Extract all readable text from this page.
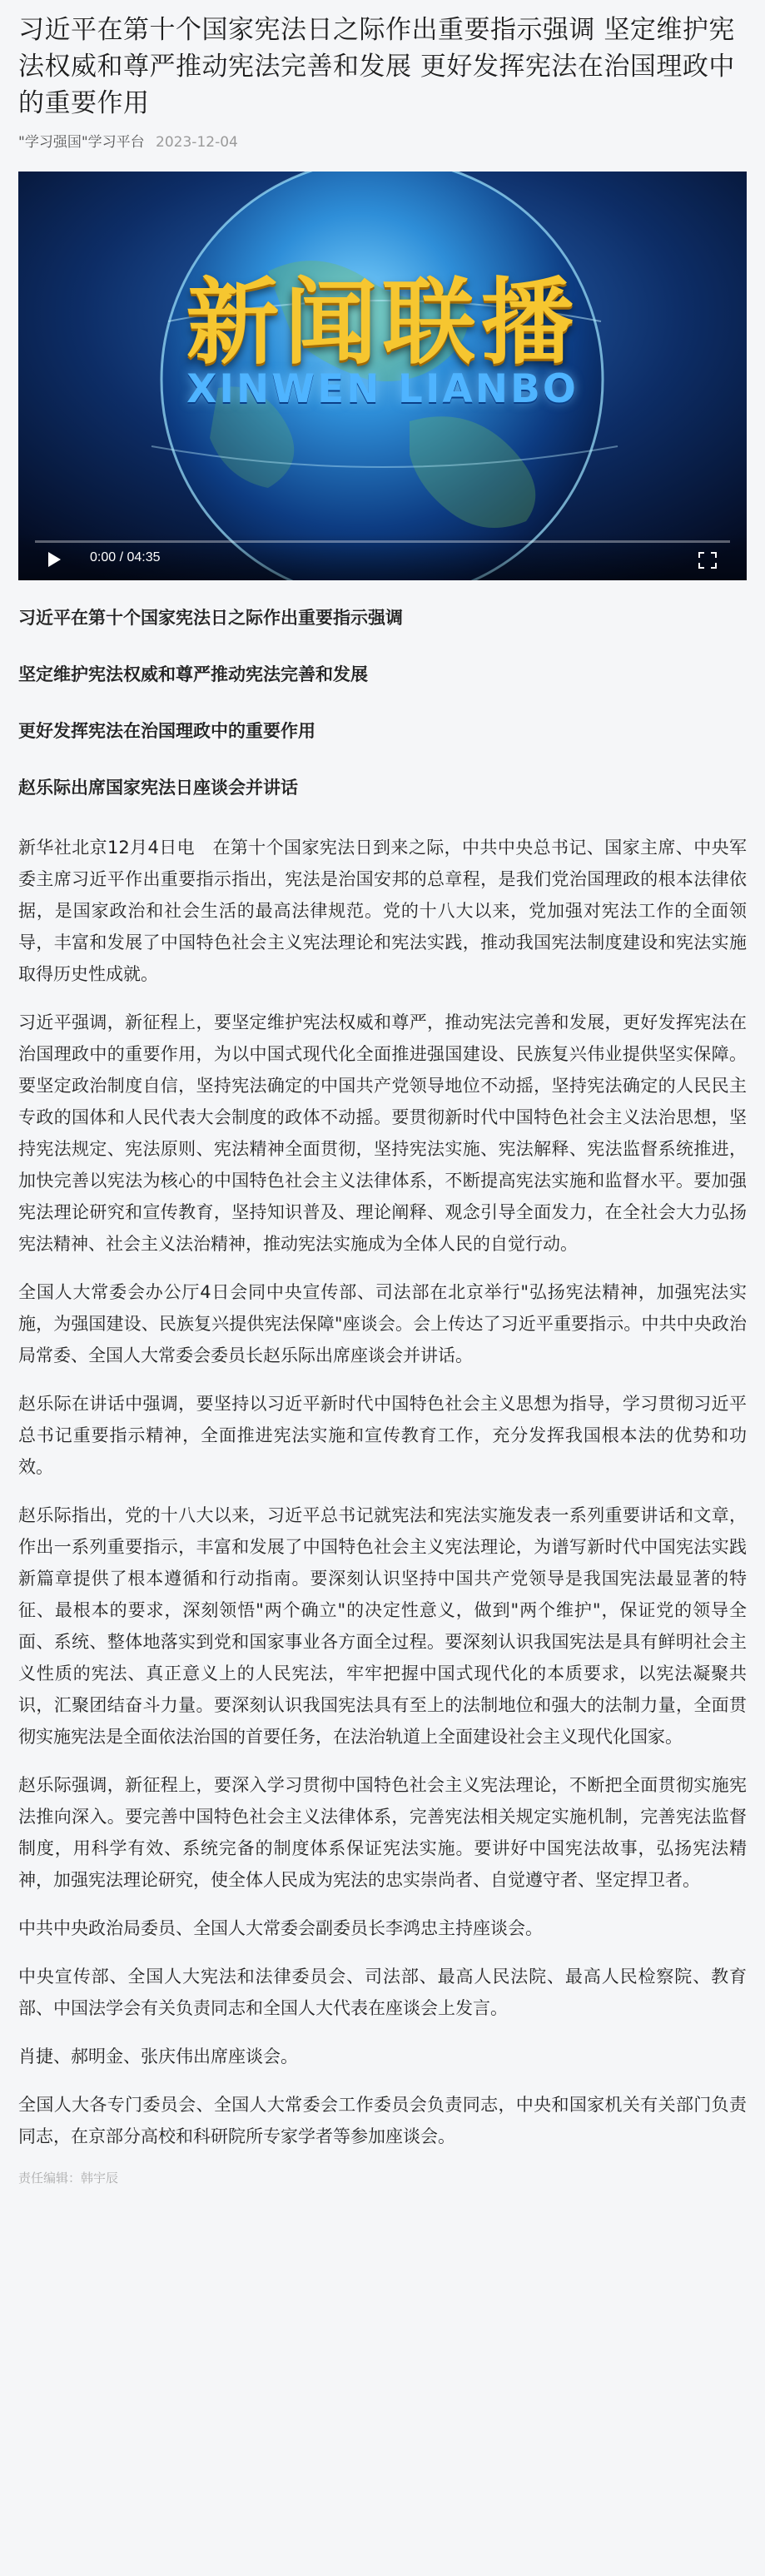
习近平在第十个国家宪法日之际作出重要指示强调 坚定维护宪法权威和尊严推动宪法完善和发展 更好发挥宪法在治国理政中的重要作用
"学习强国"学习平台 2023-12-04
新闻联播
XINWEN LIANBO
0:00 / 04:35

习近平在第十个国家宪法日之际作出重要指示强调

坚定维护宪法权威和尊严推动宪法完善和发展

更好发挥宪法在治国理政中的重要作用

赵乐际出席国家宪法日座谈会并讲话

新华社北京12月4日电　在第十个国家宪法日到来之际，中共中央总书记、国家主席、中央军委主席习近平作出重要指示指出，宪法是治国安邦的总章程，是我们党治国理政的根本法律依据，是国家政治和社会生活的最高法律规范。党的十八大以来，党加强对宪法工作的全面领导，丰富和发展了中国特色社会主义宪法理论和宪法实践，推动我国宪法制度建设和宪法实施取得历史性成就。

习近平强调，新征程上，要坚定维护宪法权威和尊严，推动宪法完善和发展，更好发挥宪法在治国理政中的重要作用，为以中国式现代化全面推进强国建设、民族复兴伟业提供坚实保障。要坚定政治制度自信，坚持宪法确定的中国共产党领导地位不动摇，坚持宪法确定的人民民主专政的国体和人民代表大会制度的政体不动摇。要贯彻新时代中国特色社会主义法治思想，坚持宪法规定、宪法原则、宪法精神全面贯彻，坚持宪法实施、宪法解释、宪法监督系统推进，加快完善以宪法为核心的中国特色社会主义法律体系，不断提高宪法实施和监督水平。要加强宪法理论研究和宣传教育，坚持知识普及、理论阐释、观念引导全面发力，在全社会大力弘扬宪法精神、社会主义法治精神，推动宪法实施成为全体人民的自觉行动。

全国人大常委会办公厅4日会同中央宣传部、司法部在北京举行"弘扬宪法精神，加强宪法实施，为强国建设、民族复兴提供宪法保障"座谈会。会上传达了习近平重要指示。中共中央政治局常委、全国人大常委会委员长赵乐际出席座谈会并讲话。

赵乐际在讲话中强调，要坚持以习近平新时代中国特色社会主义思想为指导，学习贯彻习近平总书记重要指示精神，全面推进宪法实施和宣传教育工作，充分发挥我国根本法的优势和功效。

赵乐际指出，党的十八大以来，习近平总书记就宪法和宪法实施发表一系列重要讲话和文章，作出一系列重要指示，丰富和发展了中国特色社会主义宪法理论，为谱写新时代中国宪法实践新篇章提供了根本遵循和行动指南。要深刻认识坚持中国共产党领导是我国宪法最显著的特征、最根本的要求，深刻领悟"两个确立"的决定性意义，做到"两个维护"，保证党的领导全面、系统、整体地落实到党和国家事业各方面全过程。要深刻认识我国宪法是具有鲜明社会主义性质的宪法、真正意义上的人民宪法，牢牢把握中国式现代化的本质要求，以宪法凝聚共识，汇聚团结奋斗力量。要深刻认识我国宪法具有至上的法制地位和强大的法制力量，全面贯彻实施宪法是全面依法治国的首要任务，在法治轨道上全面建设社会主义现代化国家。

赵乐际强调，新征程上，要深入学习贯彻中国特色社会主义宪法理论，不断把全面贯彻实施宪法推向深入。要完善中国特色社会主义法律体系，完善宪法相关规定实施机制，完善宪法监督制度，用科学有效、系统完备的制度体系保证宪法实施。要讲好中国宪法故事，弘扬宪法精神，加强宪法理论研究，使全体人民成为宪法的忠实崇尚者、自觉遵守者、坚定捍卫者。

中共中央政治局委员、全国人大常委会副委员长李鸿忠主持座谈会。

中央宣传部、全国人大宪法和法律委员会、司法部、最高人民法院、最高人民检察院、教育部、中国法学会有关负责同志和全国人大代表在座谈会上发言。

肖捷、郝明金、张庆伟出席座谈会。

全国人大各专门委员会、全国人大常委会工作委员会负责同志，中央和国家机关有关部门负责同志，在京部分高校和科研院所专家学者等参加座谈会。

责任编辑：韩宇辰
